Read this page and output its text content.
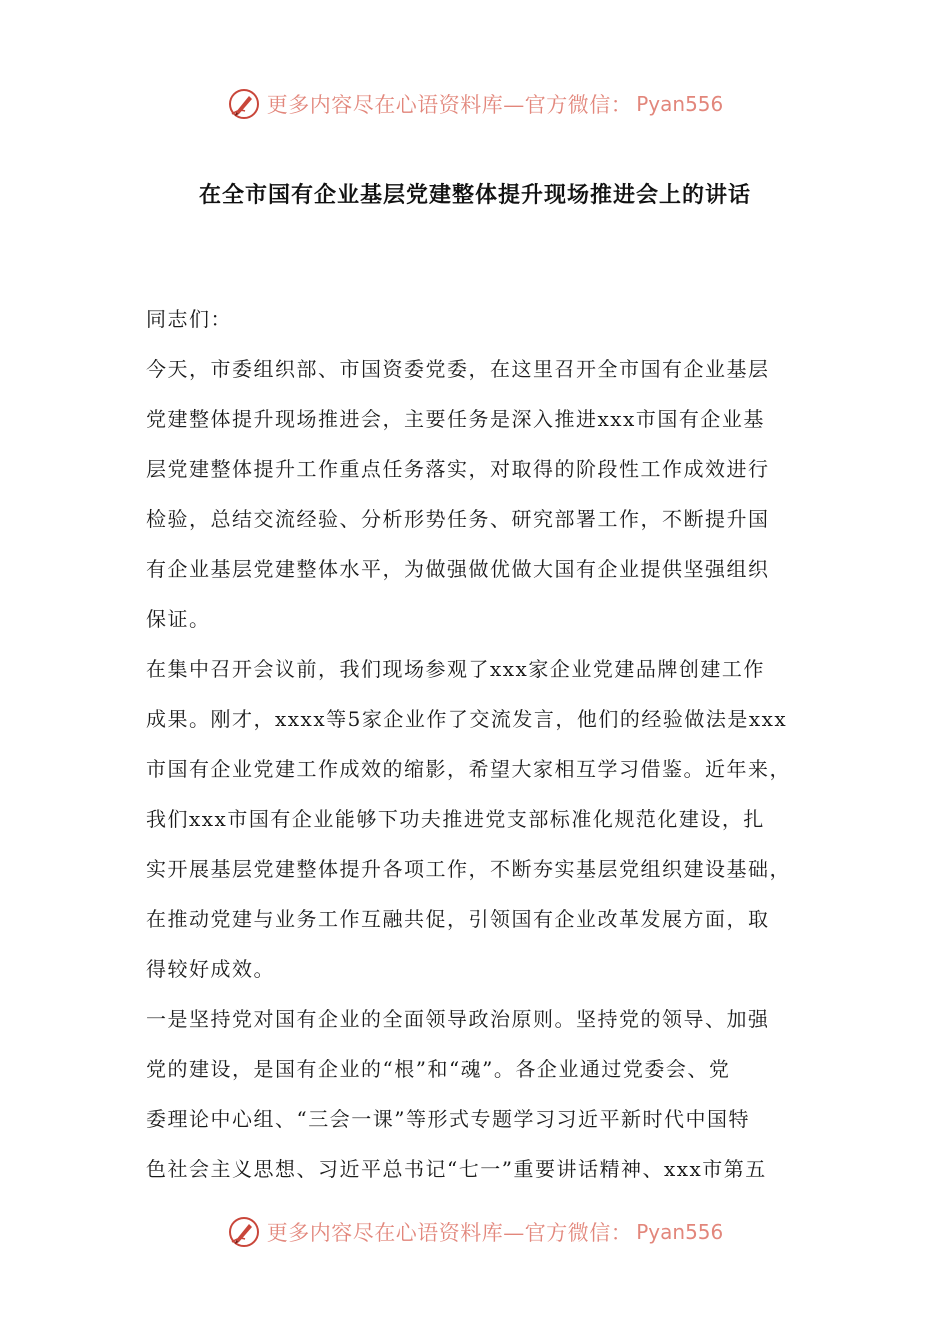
更多内容尽在心语资料库—官方微信： Pyan556
在全市国有企业基层党建整体提升现场推进会上的讲话

同志们：

今天，市委组织部、市国资委党委，在这里召开全市国有企业基层
党建整体提升现场推进会，主要任务是深入推进xxx市国有企业基
层党建整体提升工作重点任务落实，对取得的阶段性工作成效进行
检验，总结交流经验、分析形势任务、研究部署工作，不断提升国
有企业基层党建整体水平，为做强做优做大国有企业提供坚强组织
保证。

在集中召开会议前，我们现场参观了xxx家企业党建品牌创建工作
成果。刚才，xxxx等5家企业作了交流发言，他们的经验做法是xxx
市国有企业党建工作成效的缩影，希望大家相互学习借鉴。近年来，
我们xxx市国有企业能够下功夫推进党支部标准化规范化建设，扎
实开展基层党建整体提升各项工作，不断夯实基层党组织建设基础，
在推动党建与业务工作互融共促，引领国有企业改革发展方面，取
得较好成效。

一是坚持党对国有企业的全面领导政治原则。坚持党的领导、加强
党的建设，是国有企业的“根”和“魂”。各企业通过党委会、党
委理论中心组、“三会一课”等形式专题学习习近平新时代中国特
色社会主义思想、习近平总书记“七一”重要讲话精神、xxx市第五

更多内容尽在心语资料库—官方微信： Pyan556
